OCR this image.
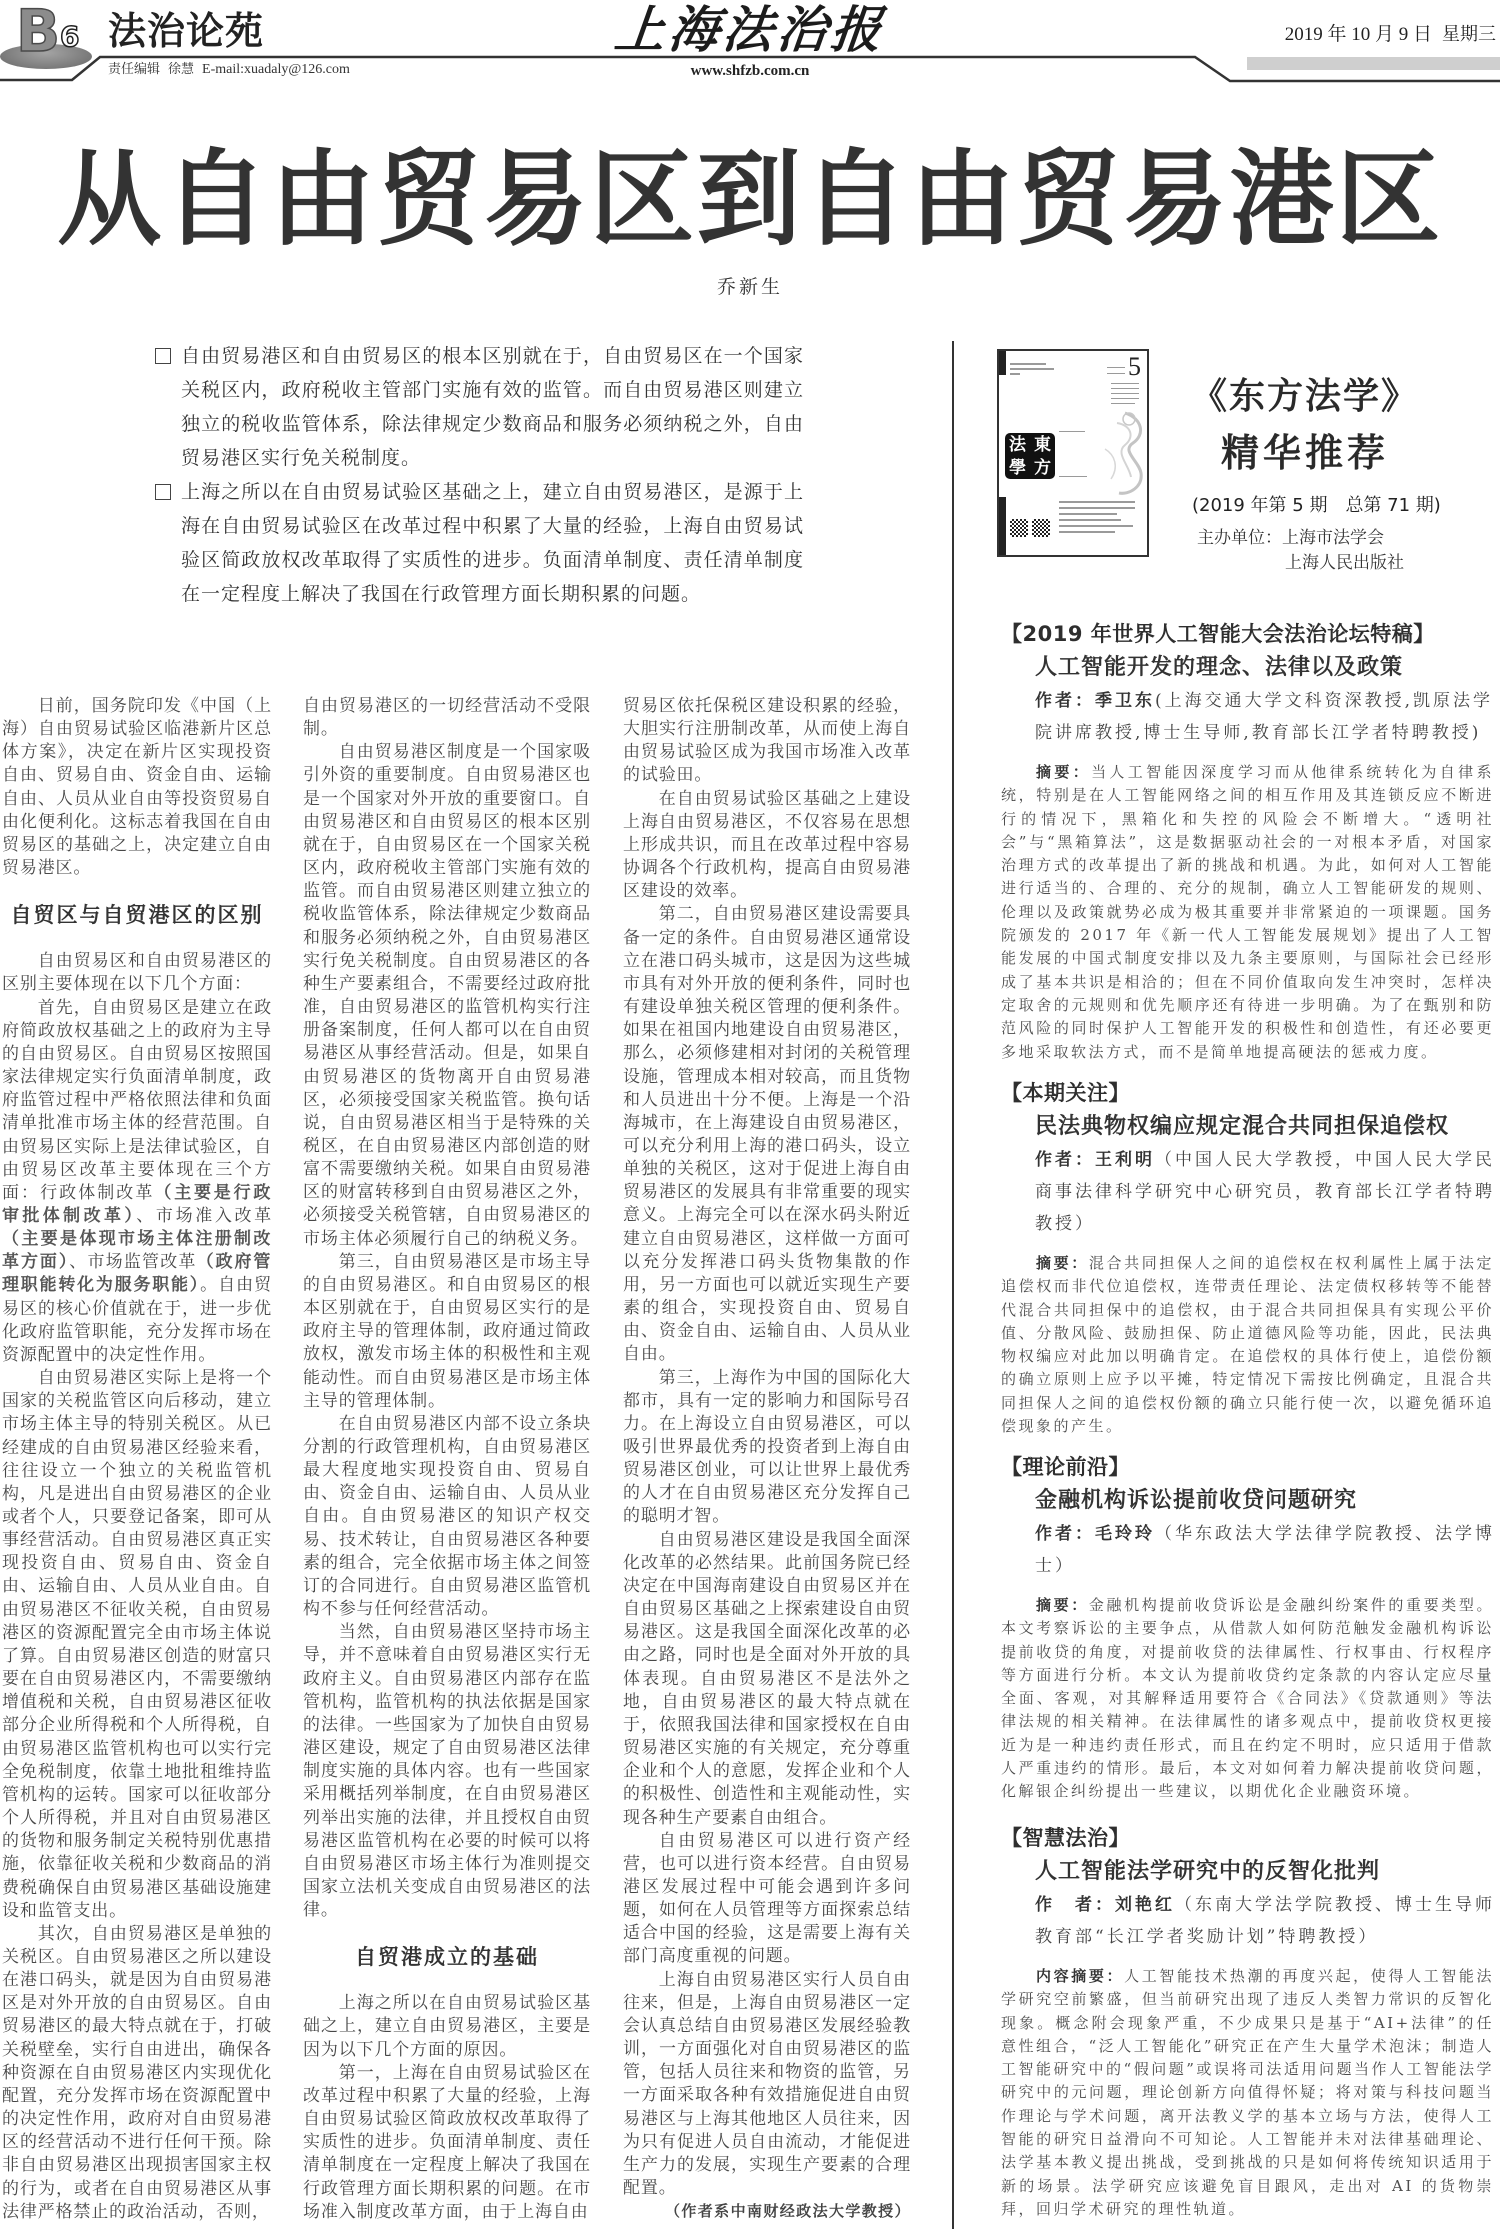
B 6 法治论苑
责任编辑 徐慧 E-mail:xuadaly@126.com
上海法治报
www.shfzb.com.cn
2019 年 10 月 9 日 星期三
从自由贸易区到自由贸易港区
乔新生
自由贸易港区和自由贸易区的根本区别就在于，自由贸易区在一个国家关税区内，政府税收主管部门实施有效的监管。而自由贸易港区则建立独立的税收监管体系，除法律规定少数商品和服务必须纳税之外，自由贸易港区实行免关税制度。
上海之所以在自由贸易试验区基础之上，建立自由贸易港区，是源于上海在自由贸易试验区在改革过程中积累了大量的经验，上海自由贸易试验区简政放权改革取得了实质性的进步。负面清单制度、责任清单制度在一定程度上解决了我国在行政管理方面长期积累的问题。

日前，国务院印发《中国（上海）自由贸易试验区临港新片区总体方案》，决定在新片区实现投资自由、贸易自由、资金自由、运输自由、人员从业自由等投资贸易自由化便利化。这标志着我国在自由贸易区的基础之上，决定建立自由贸易港区。

自贸区与自贸港区的区别

自由贸易区和自由贸易港区的区别主要体现在以下几个方面：

首先，自由贸易区是建立在政府简政放权基础之上的政府为主导的自由贸易区。自由贸易区按照国家法律规定实行负面清单制度，政府监管过程中严格依照法律和负面清单批准市场主体的经营范围。自由贸易区实际上是法律试验区，自由贸易区改革主要体现在三个方面：行政体制改革（主要是行政审批体制改革）、市场准入改革（主要是体现市场主体注册制改革方面）、市场监管改革（政府管理职能转化为服务职能）。自由贸易区的核心价值就在于，进一步优化政府监管职能，充分发挥市场在资源配置中的决定性作用。

自由贸易港区实际上是将一个国家的关税监管区向后移动，建立市场主体主导的特别关税区。从已经建成的自由贸易港区经验来看，往往设立一个独立的关税监管机构，凡是进出自由贸易港区的企业或者个人，只要登记备案，即可从事经营活动。自由贸易港区真正实现投资自由、贸易自由、资金自由、运输自由、人员从业自由。自由贸易港区不征收关税，自由贸易港区的资源配置完全由市场主体说了算。自由贸易港区创造的财富只要在自由贸易港区内，不需要缴纳增值税和关税，自由贸易港区征收部分企业所得税和个人所得税，自由贸易港区监管机构也可以实行完全免税制度，依靠土地批租维持监管机构的运转。国家可以征收部分个人所得税，并且对自由贸易港区的货物和服务制定关税特别优惠措施，依靠征收关税和少数商品的消费税确保自由贸易港区基础设施建设和监管支出。

其次，自由贸易港区是单独的关税区。自由贸易港区之所以建设在港口码头，就是因为自由贸易港区是对外开放的自由贸易区。自由贸易港区的最大特点就在于，打破关税壁垒，实行自由进出，确保各种资源在自由贸易港区内实现优化配置，充分发挥市场在资源配置中的决定性作用，政府对自由贸易港区的经营活动不进行任何干预。除非自由贸易港区出现损害国家主权的行为，或者在自由贸易港区从事法律严格禁止的政治活动，否则，

自由贸易港区的一切经营活动不受限制。

自由贸易港区制度是一个国家吸引外资的重要制度。自由贸易港区也是一个国家对外开放的重要窗口。自由贸易港区和自由贸易区的根本区别就在于，自由贸易区在一个国家关税区内，政府税收主管部门实施有效的监管。而自由贸易港区则建立独立的税收监管体系，除法律规定少数商品和服务必须纳税之外，自由贸易港区实行免关税制度。自由贸易港区的各种生产要素组合，不需要经过政府批准，自由贸易港区的监管机构实行注册备案制度，任何人都可以在自由贸易港区从事经营活动。但是，如果自由贸易港区的货物离开自由贸易港区，必须接受国家关税监管。换句话说，自由贸易港区相当于是特殊的关税区，在自由贸易港区内部创造的财富不需要缴纳关税。如果自由贸易港区的财富转移到自由贸易港区之外，必须接受关税管辖，自由贸易港区的市场主体必须履行自己的纳税义务。

第三，自由贸易港区是市场主导的自由贸易港区。和自由贸易区的根本区别就在于，自由贸易区实行的是政府主导的管理体制，政府通过简政放权，激发市场主体的积极性和主观能动性。而自由贸易港区是市场主体主导的管理体制。

在自由贸易港区内部不设立条块分割的行政管理机构，自由贸易港区最大程度地实现投资自由、贸易自由、资金自由、运输自由、人员从业自由。自由贸易港区的知识产权交易、技术转让，自由贸易港区各种要素的组合，完全依据市场主体之间签订的合同进行。自由贸易港区监管机构不参与任何经营活动。

当然，自由贸易港区坚持市场主导，并不意味着自由贸易港区实行无政府主义。自由贸易港区内部存在监管机构，监管机构的执法依据是国家的法律。一些国家为了加快自由贸易港区建设，规定了自由贸易港区法律制度实施的具体内容。也有一些国家采用概括列举制度，在自由贸易港区列举出实施的法律，并且授权自由贸易港区监管机构在必要的时候可以将自由贸易港区市场主体行为准则提交国家立法机关变成自由贸易港区的法律。

自贸港成立的基础

上海之所以在自由贸易试验区基础之上，建立自由贸易港区，主要是因为以下几个方面的原因。

第一，上海在自由贸易试验区在改革过程中积累了大量的经验，上海自由贸易试验区简政放权改革取得了实质性的进步。负面清单制度、责任清单制度在一定程度上解决了我国在行政管理方面长期积累的问题。在市场准入制度改革方面，由于上海自由

贸易区依托保税区建设积累的经验，大胆实行注册制改革，从而使上海自由贸易试验区成为我国市场准入改革的试验田。

在自由贸易试验区基础之上建设上海自由贸易港区，不仅容易在思想上形成共识，而且在改革过程中容易协调各个行政机构，提高自由贸易港区建设的效率。

第二，自由贸易港区建设需要具备一定的条件。自由贸易港区通常设立在港口码头城市，这是因为这些城市具有对外开放的便利条件，同时也有建设单独关税区管理的便利条件。如果在祖国内地建设自由贸易港区，那么，必须修建相对封闭的关税管理设施，管理成本相对较高，而且货物和人员进出十分不便。上海是一个沿海城市，在上海建设自由贸易港区，可以充分利用上海的港口码头，设立单独的关税区，这对于促进上海自由贸易港区的发展具有非常重要的现实意义。上海完全可以在深水码头附近建立自由贸易港区，这样做一方面可以充分发挥港口码头货物集散的作用，另一方面也可以就近实现生产要素的组合，实现投资自由、贸易自由、资金自由、运输自由、人员从业自由。

第三，上海作为中国的国际化大都市，具有一定的影响力和国际号召力。在上海设立自由贸易港区，可以吸引世界最优秀的投资者到上海自由贸易港区创业，可以让世界上最优秀的人才在自由贸易港区充分发挥自己的聪明才智。

自由贸易港区建设是我国全面深化改革的必然结果。此前国务院已经决定在中国海南建设自由贸易区并在自由贸易区基础之上探索建设自由贸易港区。这是我国全面深化改革的必由之路，同时也是全面对外开放的具体表现。自由贸易港区不是法外之地，自由贸易港区的最大特点就在于，依照我国法律和国家授权在自由贸易港区实施的有关规定，充分尊重企业和个人的意愿，发挥企业和个人的积极性、创造性和主观能动性，实现各种生产要素自由组合。

自由贸易港区可以进行资产经营，也可以进行资本经营。自由贸易港区发展过程中可能会遇到许多问题，如何在人员管理等方面探索总结适合中国的经验，这是需要上海有关部门高度重视的问题。

上海自由贸易港区实行人员自由往来，但是，上海自由贸易港区一定会认真总结自由贸易港区发展经验教训，一方面强化对自由贸易港区的监管，包括人员往来和物资的监管，另一方面采取各种有效措施促进自由贸易港区与上海其他地区人员往来，因为只有促进人员自由流动，才能促进生产力的发展，实现生产要素的合理配置。

（作者系中南财经政法大学教授）

5
法 東
學 方
《东方法学》
精华推荐
(2019 年第 5 期　总第 71 期)
主办单位：上海市法学会
上海人民出版社
【2019 年世界人工智能大会法治论坛特稿】
人工智能开发的理念、法律以及政策
作者：季卫东(上海交通大学文科资深教授,凯原法学院讲席教授,博士生导师,教育部长江学者特聘教授)
摘要：当人工智能因深度学习而从他律系统转化为自律系统，特别是在人工智能网络之间的相互作用及其连锁反应不断进行的情况下，黑箱化和失控的风险会不断增大。“透明社会”与“黑箱算法”，这是数据驱动社会的一对根本矛盾，对国家治理方式的改革提出了新的挑战和机遇。为此，如何对人工智能进行适当的、合理的、充分的规制，确立人工智能研发的规则、伦理以及政策就势必成为极其重要并非常紧迫的一项课题。国务院颁发的 2017 年《新一代人工智能发展规划》提出了人工智能发展的中国式制度安排以及九条主要原则，与国际社会已经形成了基本共识是相洽的；但在不同价值取向发生冲突时，怎样决定取舍的元规则和优先顺序还有待进一步明确。为了在甄别和防范风险的同时保护人工智能开发的积极性和创造性，有还必要更多地采取软法方式，而不是简单地提高硬法的惩戒力度。
【本期关注】
民法典物权编应规定混合共同担保追偿权
作者：王利明（中国人民大学教授，中国人民大学民商事法律科学研究中心研究员，教育部长江学者特聘教授）
摘要：混合共同担保人之间的追偿权在权利属性上属于法定追偿权而非代位追偿权，连带责任理论、法定债权移转等不能替代混合共同担保中的追偿权，由于混合共同担保具有实现公平价值、分散风险、鼓励担保、防止道德风险等功能，因此，民法典物权编应对此加以明确肯定。在追偿权的具体行使上，追偿份额的确立原则上应予以平摊，特定情况下需按比例确定，且混合共同担保人之间的追偿权份额的确立只能行使一次，以避免循环追偿现象的产生。
【理论前沿】
金融机构诉讼提前收贷问题研究
作者：毛玲玲（华东政法大学法律学院教授、法学博士）
摘要：金融机构提前收贷诉讼是金融纠纷案件的重要类型。本文考察诉讼的主要争点，从借款人如何防范触发金融机构诉讼提前收贷的角度，对提前收贷的法律属性、行权事由、行权程序等方面进行分析。本文认为提前收贷约定条款的内容认定应尽量全面、客观，对其解释适用要符合《合同法》《贷款通则》等法律法规的相关精神。在法律属性的诸多观点中，提前收贷权更接近为是一种违约责任形式，而且在约定不明时，应只适用于借款人严重违约的情形。最后，本文对如何着力解决提前收贷问题，化解银企纠纷提出一些建议，以期优化企业融资环境。
【智慧法治】
人工智能法学研究中的反智化批判
作　者：刘艳红（东南大学法学院教授、博士生导师教育部“长江学者奖励计划”特聘教授）
内容摘要：人工智能技术热潮的再度兴起，使得人工智能法学研究空前繁盛，但当前研究出现了违反人类智力常识的反智化现象。概念附会现象严重，不少成果只是基于“AI+法律”的任意性组合，“泛人工智能化”研究正在产生大量学术泡沫；制造人工智能研究中的“假问题”或误将司法适用问题当作人工智能法学研究中的元问题，理论创新方向值得怀疑；将对策与科技问题当作理论与学术问题，离开法教义学的基本立场与方法，使得人工智能的研究日益滑向不可知论。人工智能并未对法律基础理论、法学基本教义提出挑战，受到挑战的只是如何将传统知识适用于新的场景。法学研究应该避免盲目跟风，走出对 AI 的货物崇拜，回归学术研究的理性轨道。
